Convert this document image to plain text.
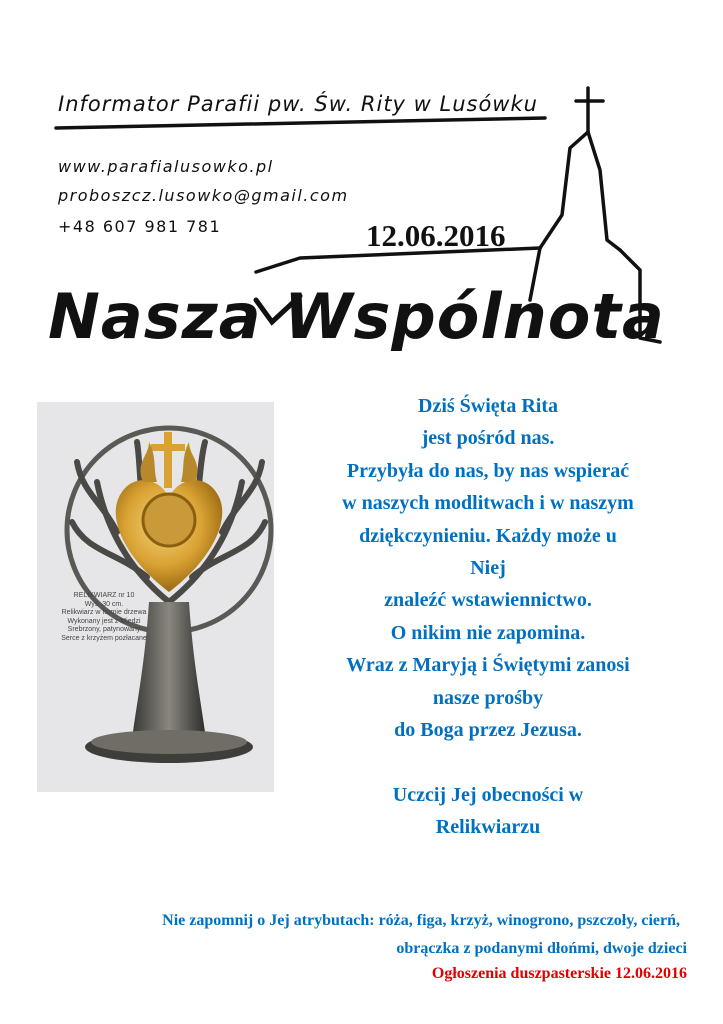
Informator Parafii pw. Św. Rity w Lusówku
www.parafialusowko.pl
proboszcz.lusowko@gmail.com
+48 607 981 781	12.06.2016
Nasza Wspólnota
RELIKWIARZ nr 10
Wys. 30 cm.
Relikwiarz w formie drzewa
Wykonany jest z Miedzi
Srebrzony, patynowany
Serce z krzyżem pozłacane
Dziś Święta Rita
jest pośród nas.
Przybyła do nas, by nas wspierać
w naszych modlitwach i w naszym
dziękczynieniu. Każdy może u
Niej
znaleźć wstawiennictwo.
O nikim nie zapomina.
Wraz z Maryją i Świętymi zanosi
nasze prośby
do Boga przez Jezusa.
Uczcij Jej obecności w
Relikwiarzu
Nie zapomnij o Jej atrybutach: róża, figa, krzyż, winogrono, pszczoły, cierń,
obrączka z podanymi dłońmi, dwoje dzieci
Ogłoszenia duszpasterskie 12.06.2016
